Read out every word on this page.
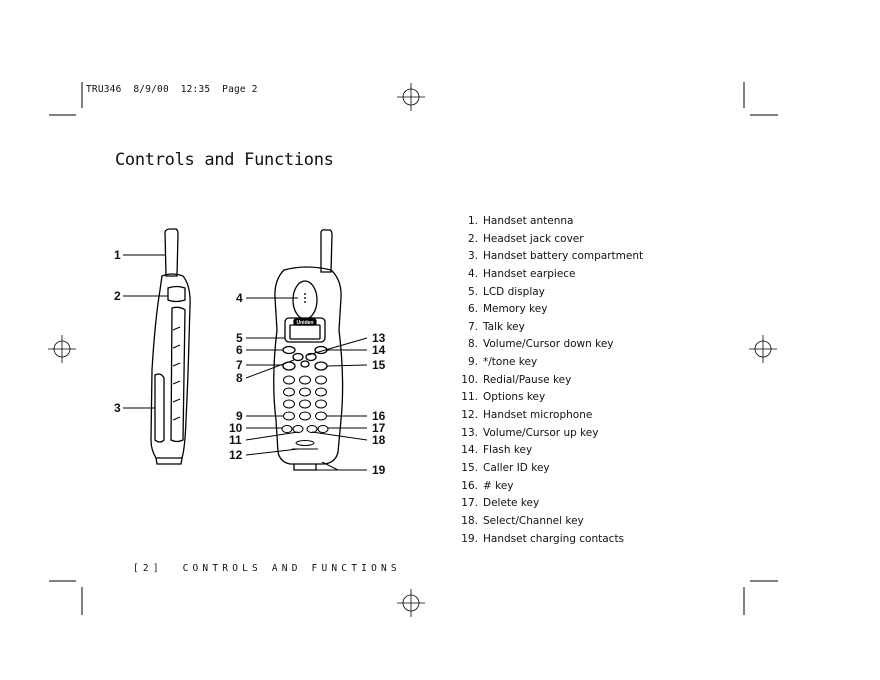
TRU346  8/9/00  12:35  Page 2
Controls and Functions
Uniden
1
2
3
4
5
6
7
8
9
10
11
12
13
14
15
16
17
18
19
1. Handset antenna
2. Headset jack cover
3. Handset battery compartment
4. Handset earpiece
5. LCD display
6. Memory key
7. Talk key
8. Volume/Cursor down key
9. */tone key
10. Redial/Pause key
11. Options key
12. Handset microphone
13. Volume/Cursor up key
14. Flash key
15. Caller ID key
16. # key
17. Delete key
18. Select/Channel key
19. Handset charging contacts
[2]  CONTROLS AND FUNCTIONS
